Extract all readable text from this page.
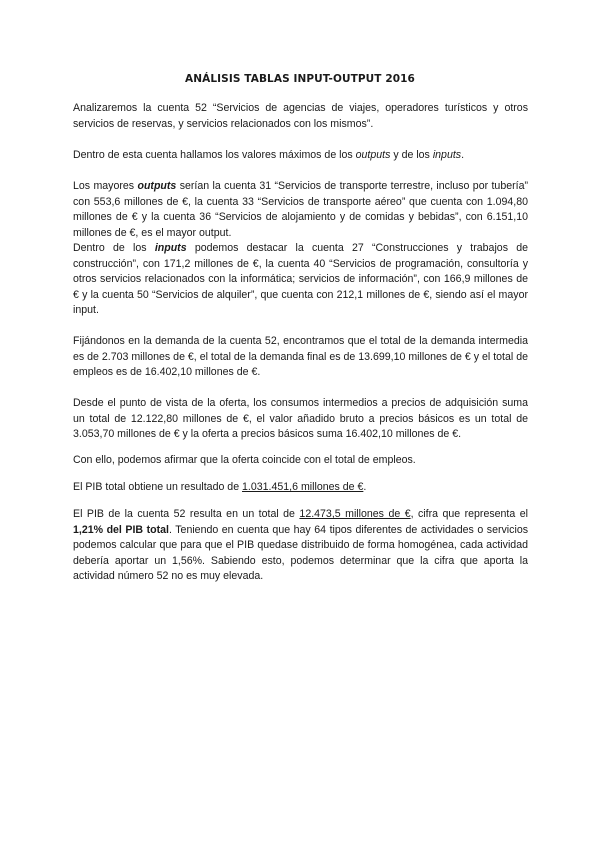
ANÁLISIS TABLAS INPUT-OUTPUT 2016

Analizaremos la cuenta 52 “Servicios de agencias de viajes, operadores turísticos y otros servicios de reservas, y servicios relacionados con los mismos”.

Dentro de esta cuenta hallamos los valores máximos de los outputs y de los inputs.

Los mayores outputs serían la cuenta 31 “Servicios de transporte terrestre, incluso por tubería” con 553,6 millones de €, la cuenta 33 “Servicios de transporte aéreo” que cuenta con 1.094,80 millones de € y la cuenta 36 “Servicios de alojamiento y de comidas y bebidas”, con 6.151,10 millones de €, es el mayor output.

Dentro de los inputs podemos destacar la cuenta 27 “Construcciones y trabajos de construcción”, con 171,2 millones de €, la cuenta 40 “Servicios de programación, consultoría y otros servicios relacionados con la informática; servicios de información”, con 166,9 millones de € y la cuenta 50 “Servicios de alquiler”, que cuenta con 212,1 millones de €, siendo así el mayor input.

Fijándonos en la demanda de la cuenta 52, encontramos que el total de la demanda intermedia es de 2.703 millones de €, el total de la demanda final es de 13.699,10 millones de € y el total de empleos es de 16.402,10 millones de €.

Desde el punto de vista de la oferta, los consumos intermedios a precios de adquisición suma un total de 12.122,80 millones de €, el valor añadido bruto a precios básicos es un total de 3.053,70 millones de € y la oferta a precios básicos suma 16.402,10 millones de €.

Con ello, podemos afirmar que la oferta coincide con el total de empleos.

El PIB total obtiene un resultado de 1.031.451,6 millones de €.

El PIB de la cuenta 52 resulta en un total de 12.473,5 millones de €, cifra que representa el 1,21% del PIB total. Teniendo en cuenta que hay 64 tipos diferentes de actividades o servicios podemos calcular que para que el PIB quedase distribuido de forma homogénea, cada actividad debería aportar un 1,56%. Sabiendo esto, podemos determinar que la cifra que aporta la actividad número 52 no es muy elevada.
